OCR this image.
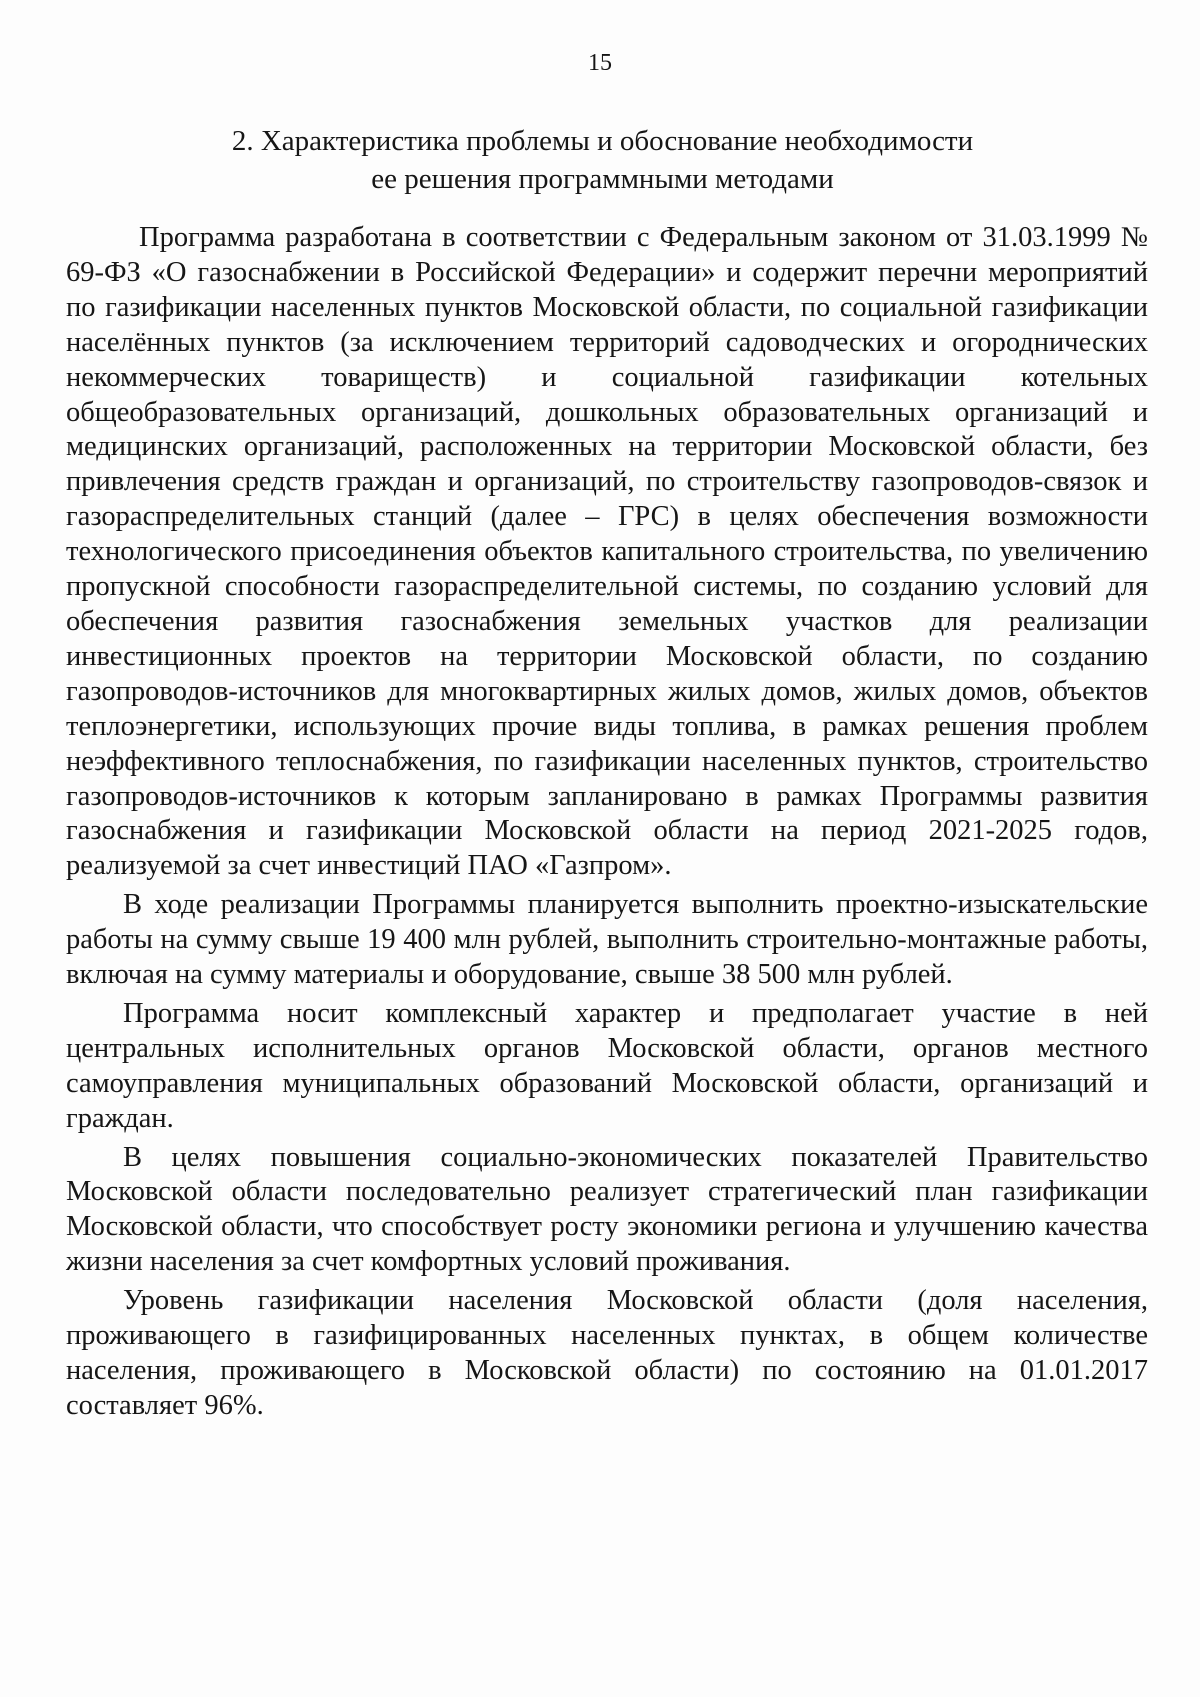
15
2. Характеристика проблемы и обоснование необходимости
ее решения программными методами

Программа разработана в соответствии с Федеральным законом от 31.03.1999 № 69-ФЗ «О газоснабжении в Российской Федерации» и содержит перечни мероприятий по газификации населенных пунктов Московской области, по социальной газификации населённых пунктов (за исключением территорий садоводческих и огороднических некоммерческих товариществ) и социальной газификации котельных общеобразовательных организаций, дошкольных образовательных организаций и медицинских организаций, расположенных на территории Московской области, без привлечения средств граждан и организаций, по строительству газопроводов-связок и газораспределительных станций (далее – ГРС) в целях обеспечения возможности технологического присоединения объектов капитального строительства, по увеличению пропускной способности газораспределительной системы, по созданию условий для обеспечения развития газоснабжения земельных участков для реализации инвестиционных проектов на территории Московской области, по созданию газопроводов-источников для многоквартирных жилых домов, жилых домов, объектов теплоэнергетики, использующих прочие виды топлива, в рамках решения проблем неэффективного теплоснабжения, по газификации населенных пунктов, строительство газопроводов-источников к которым запланировано в рамках Программы развития газоснабжения и газификации Московской области на период 2021-2025 годов, реализуемой за счет инвестиций ПАО «Газпром».

В ходе реализации Программы планируется выполнить проектно-изыскательские работы на сумму свыше 19 400 млн рублей, выполнить строительно-монтажные работы, включая на сумму материалы и оборудование, свыше 38 500 млн рублей.

Программа носит комплексный характер и предполагает участие в ней центральных исполнительных органов Московской области, органов местного самоуправления муниципальных образований Московской области, организаций и граждан.

В целях повышения социально-экономических показателей Правительство Московской области последовательно реализует стратегический план газификации Московской области, что способствует росту экономики региона и улучшению качества жизни населения за счет комфортных условий проживания.

Уровень газификации населения Московской области (доля населения, проживающего в газифицированных населенных пунктах, в общем количестве населения, проживающего в Московской области) по состоянию на 01.01.2017 составляет 96%.
